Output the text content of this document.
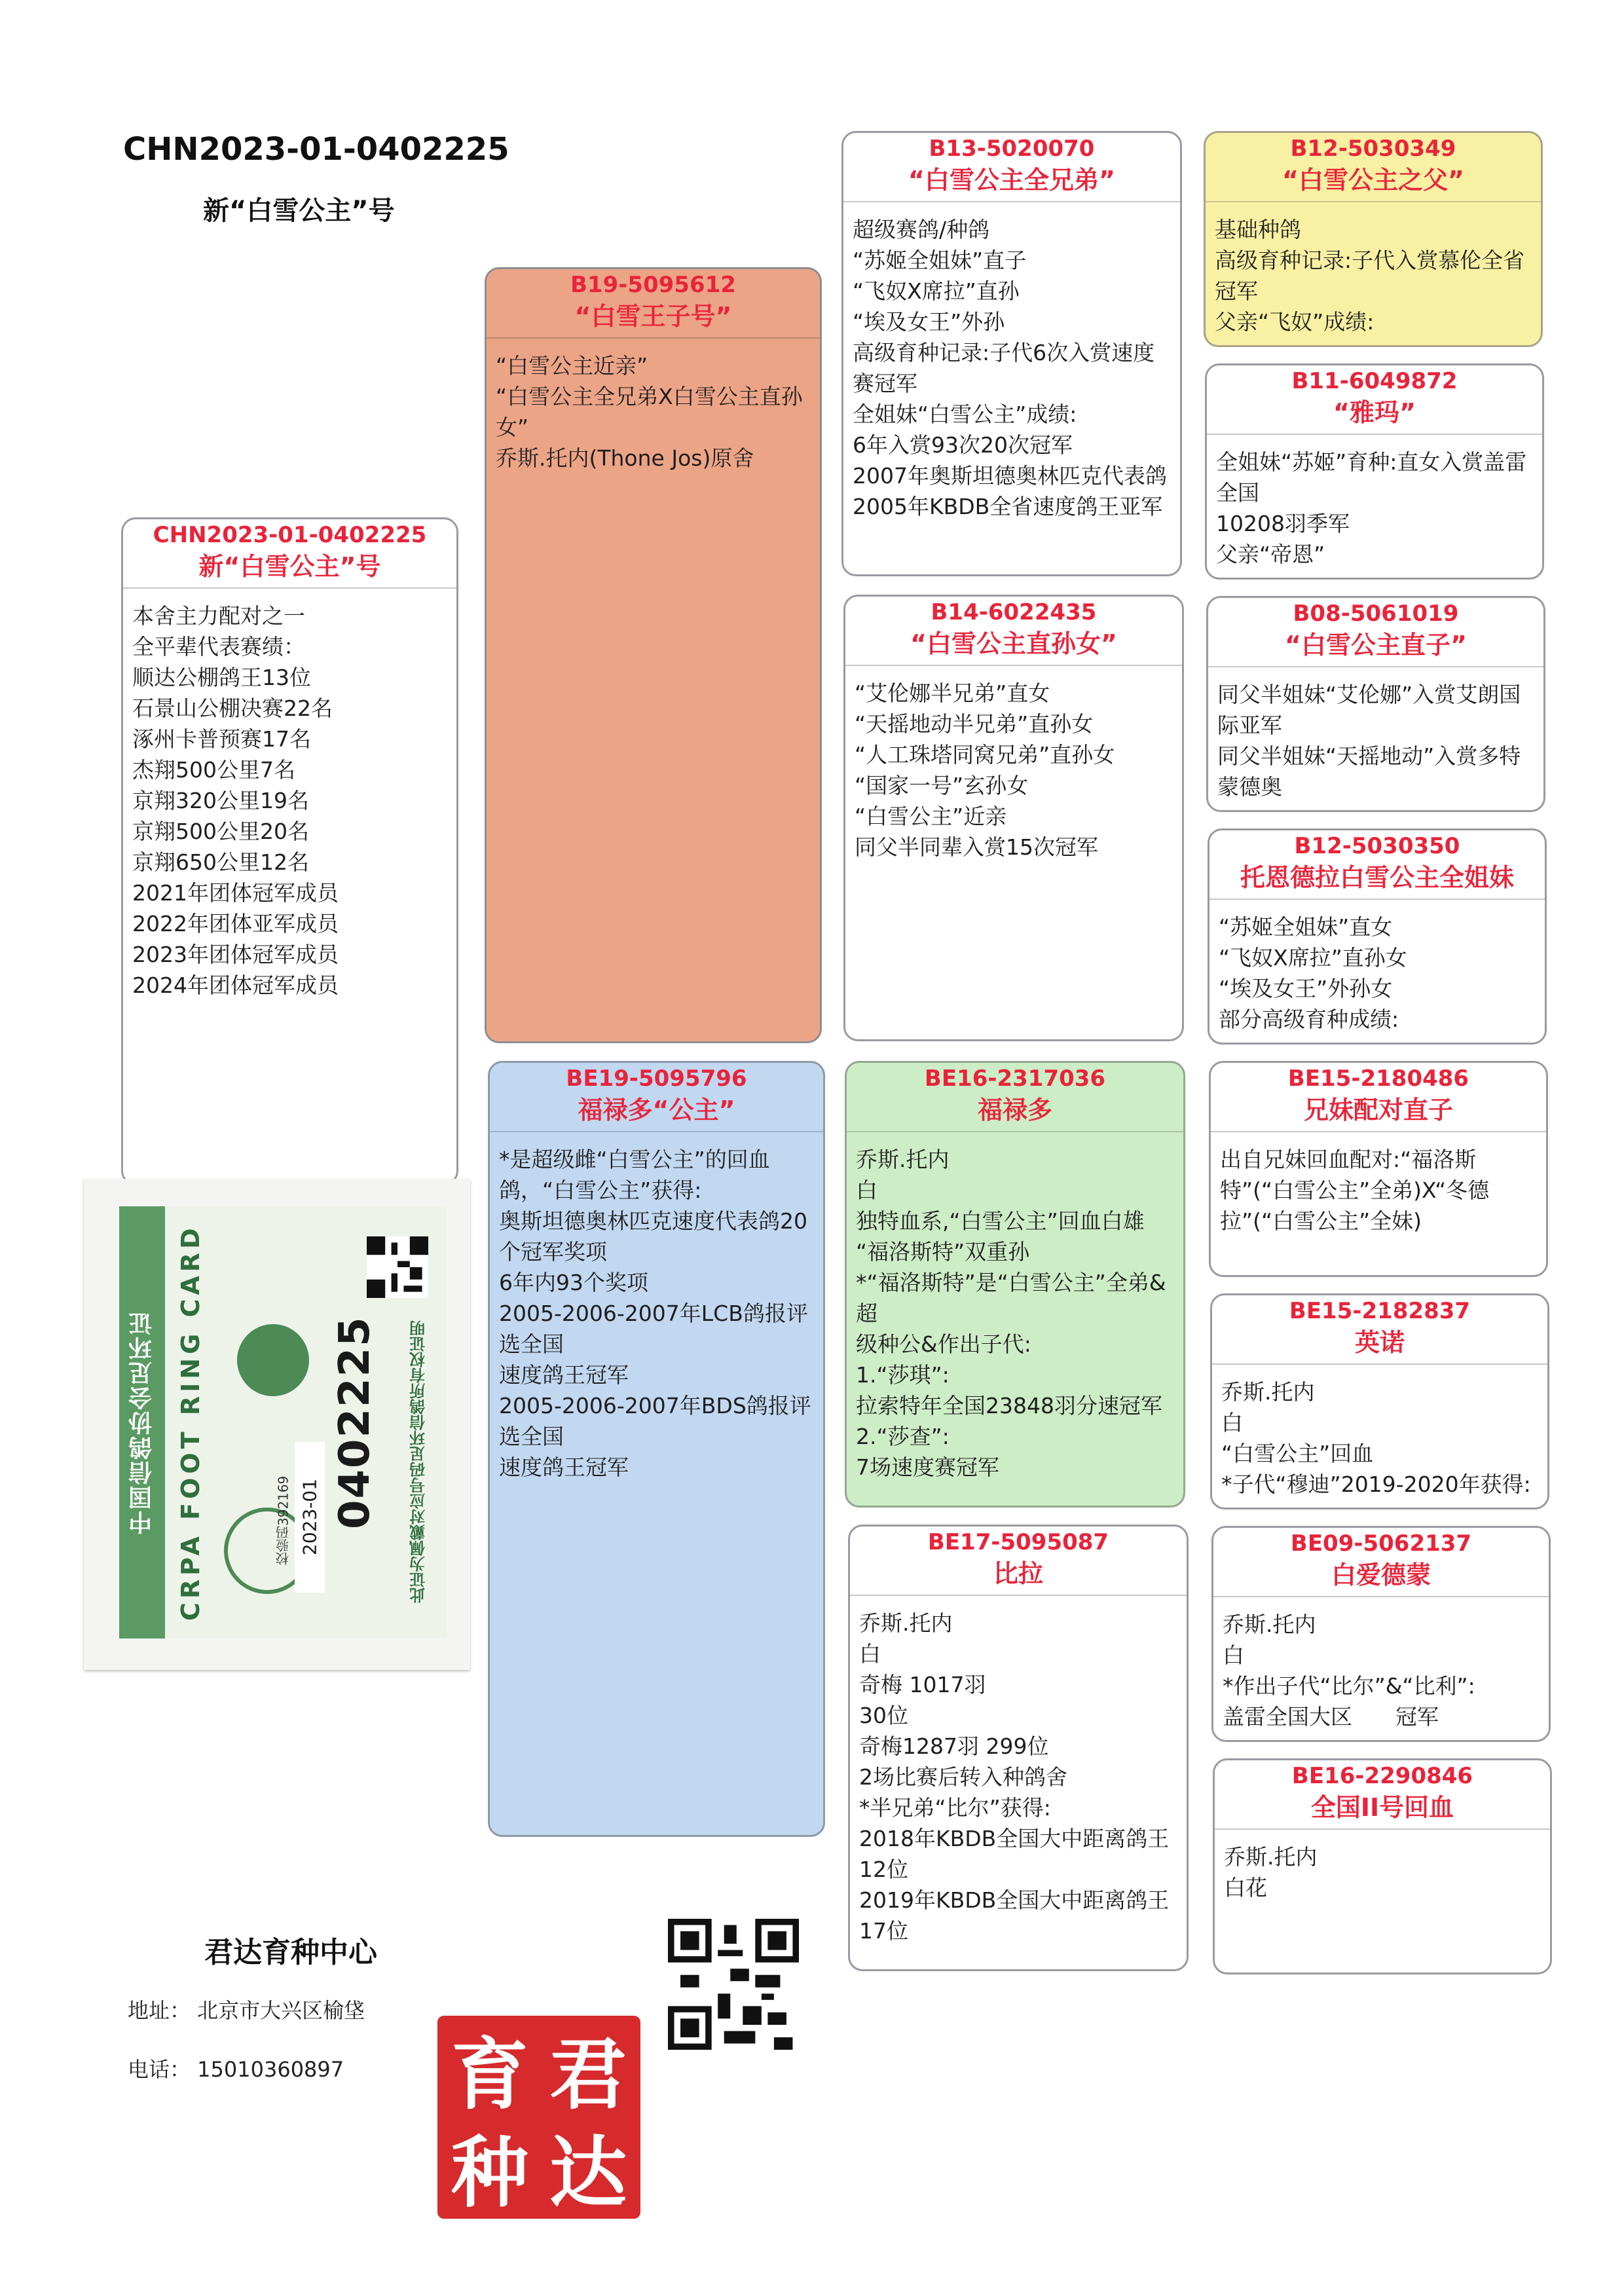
CHN2023-01-0402225
新“白雪公主”号
CHN2023-01-0402225
新“白雪公主”号
本舍主力配对之一
全平辈代表赛绩：
顺达公棚鸽王13位
石景山公棚决赛22名
涿州卡普预赛17名
杰翔500公里7名
京翔320公里19名
京翔500公里20名
京翔650公里12名
2021年团体冠军成员
2022年团体亚军成员
2023年团体冠军成员
2024年团体冠军成员
B19-5095612
“白雪王子号”
“白雪公主近亲”
“白雪公主全兄弟X白雪公主直孙女”
乔斯.托内(Thone Jos)原舍
BE19-5095796
福禄多“公主”
*是超级雌“白雪公主”的回血鸽，“白雪公主”获得:
奥斯坦德奥林匹克速度代表鸽20个冠军奖项
6年内93个奖项
2005-2006-2007年LCB鸽报评选全国
速度鸽王冠军
2005-2006-2007年BDS鸽报评选全国
速度鸽王冠军
B13-5020070
“白雪公主全兄弟”
超级赛鸽/种鸽
“苏姬全姐妹”直子
“飞奴X席拉”直孙
“埃及女王”外孙
高级育种记录:子代6次入赏速度赛冠军
全姐妹“白雪公主”成绩:
6年入赏93次20次冠军
2007年奥斯坦德奥林匹克代表鸽
2005年KBDB全省速度鸽王亚军
B14-6022435
“白雪公主直孙女”
“艾伦娜半兄弟”直女
“天摇地动半兄弟”直孙女
“人工珠塔同窝兄弟”直孙女
“国家一号”玄孙女
“白雪公主”近亲
同父半同辈入赏15次冠军
BE16-2317036
福禄多
乔斯.托内
白
独特血系,“白雪公主”回血白雄
“福洛斯特”双重孙
*“福洛斯特”是“白雪公主”全弟&超
级种公&作出子代:
1.“莎琪”:
拉索特年全国23848羽分速冠军
2.“莎查”:
7场速度赛冠军
BE17-5095087
比拉
乔斯.托内
白
奇梅 1017羽
30位
奇梅1287羽 299位
2场比赛后转入种鸽舍
*半兄弟“比尔”获得:
2018年KBDB全国大中距离鸽王12位
2019年KBDB全国大中距离鸽王17位
B12-5030349
“白雪公主之父”
基础种鸽
高级育种记录:子代入赏慕伦全省冠军
父亲“飞奴”成绩:
B11-6049872
“雅玛”
全姐妹“苏姬”育种:直女入赏盖雷全国
10208羽季军
父亲“帝恩”
B08-5061019
“白雪公主直子”
同父半姐妹“艾伦娜”入赏艾朗国际亚军
同父半姐妹“天摇地动”入赏多特蒙德奥
B12-5030350
托恩德拉白雪公主全姐妹
“苏姬全姐妹”直女
“飞奴X席拉”直孙女
“埃及女王”外孙女
部分高级育种成绩:
BE15-2180486
兄妹配对直子
出自兄妹回血配对:“福洛斯特”(“白雪公主”全弟)X“冬德拉”(“白雪公主”全妹)
BE15-2182837
英诺
乔斯.托内
白
“白雪公主”回血
*子代“穆迪”2019-2020年获得:
BE09-5062137
白爱德蒙
乔斯.托内
白
*作出子代“比尔”&“比利”:
盖雷全国大区　　冠军
BE16-2290846
全国II号回血
乔斯.托内
白花
中国信鸽协会足环证 CRPA FOOT RING CARD	0402225
2023-01
校验码392169	此证为佩戴对应号码足环信鸽所有权证明
君达育种中心
地址： 北京市大兴区榆垡
电话： 15010360897	君
育
达
种
